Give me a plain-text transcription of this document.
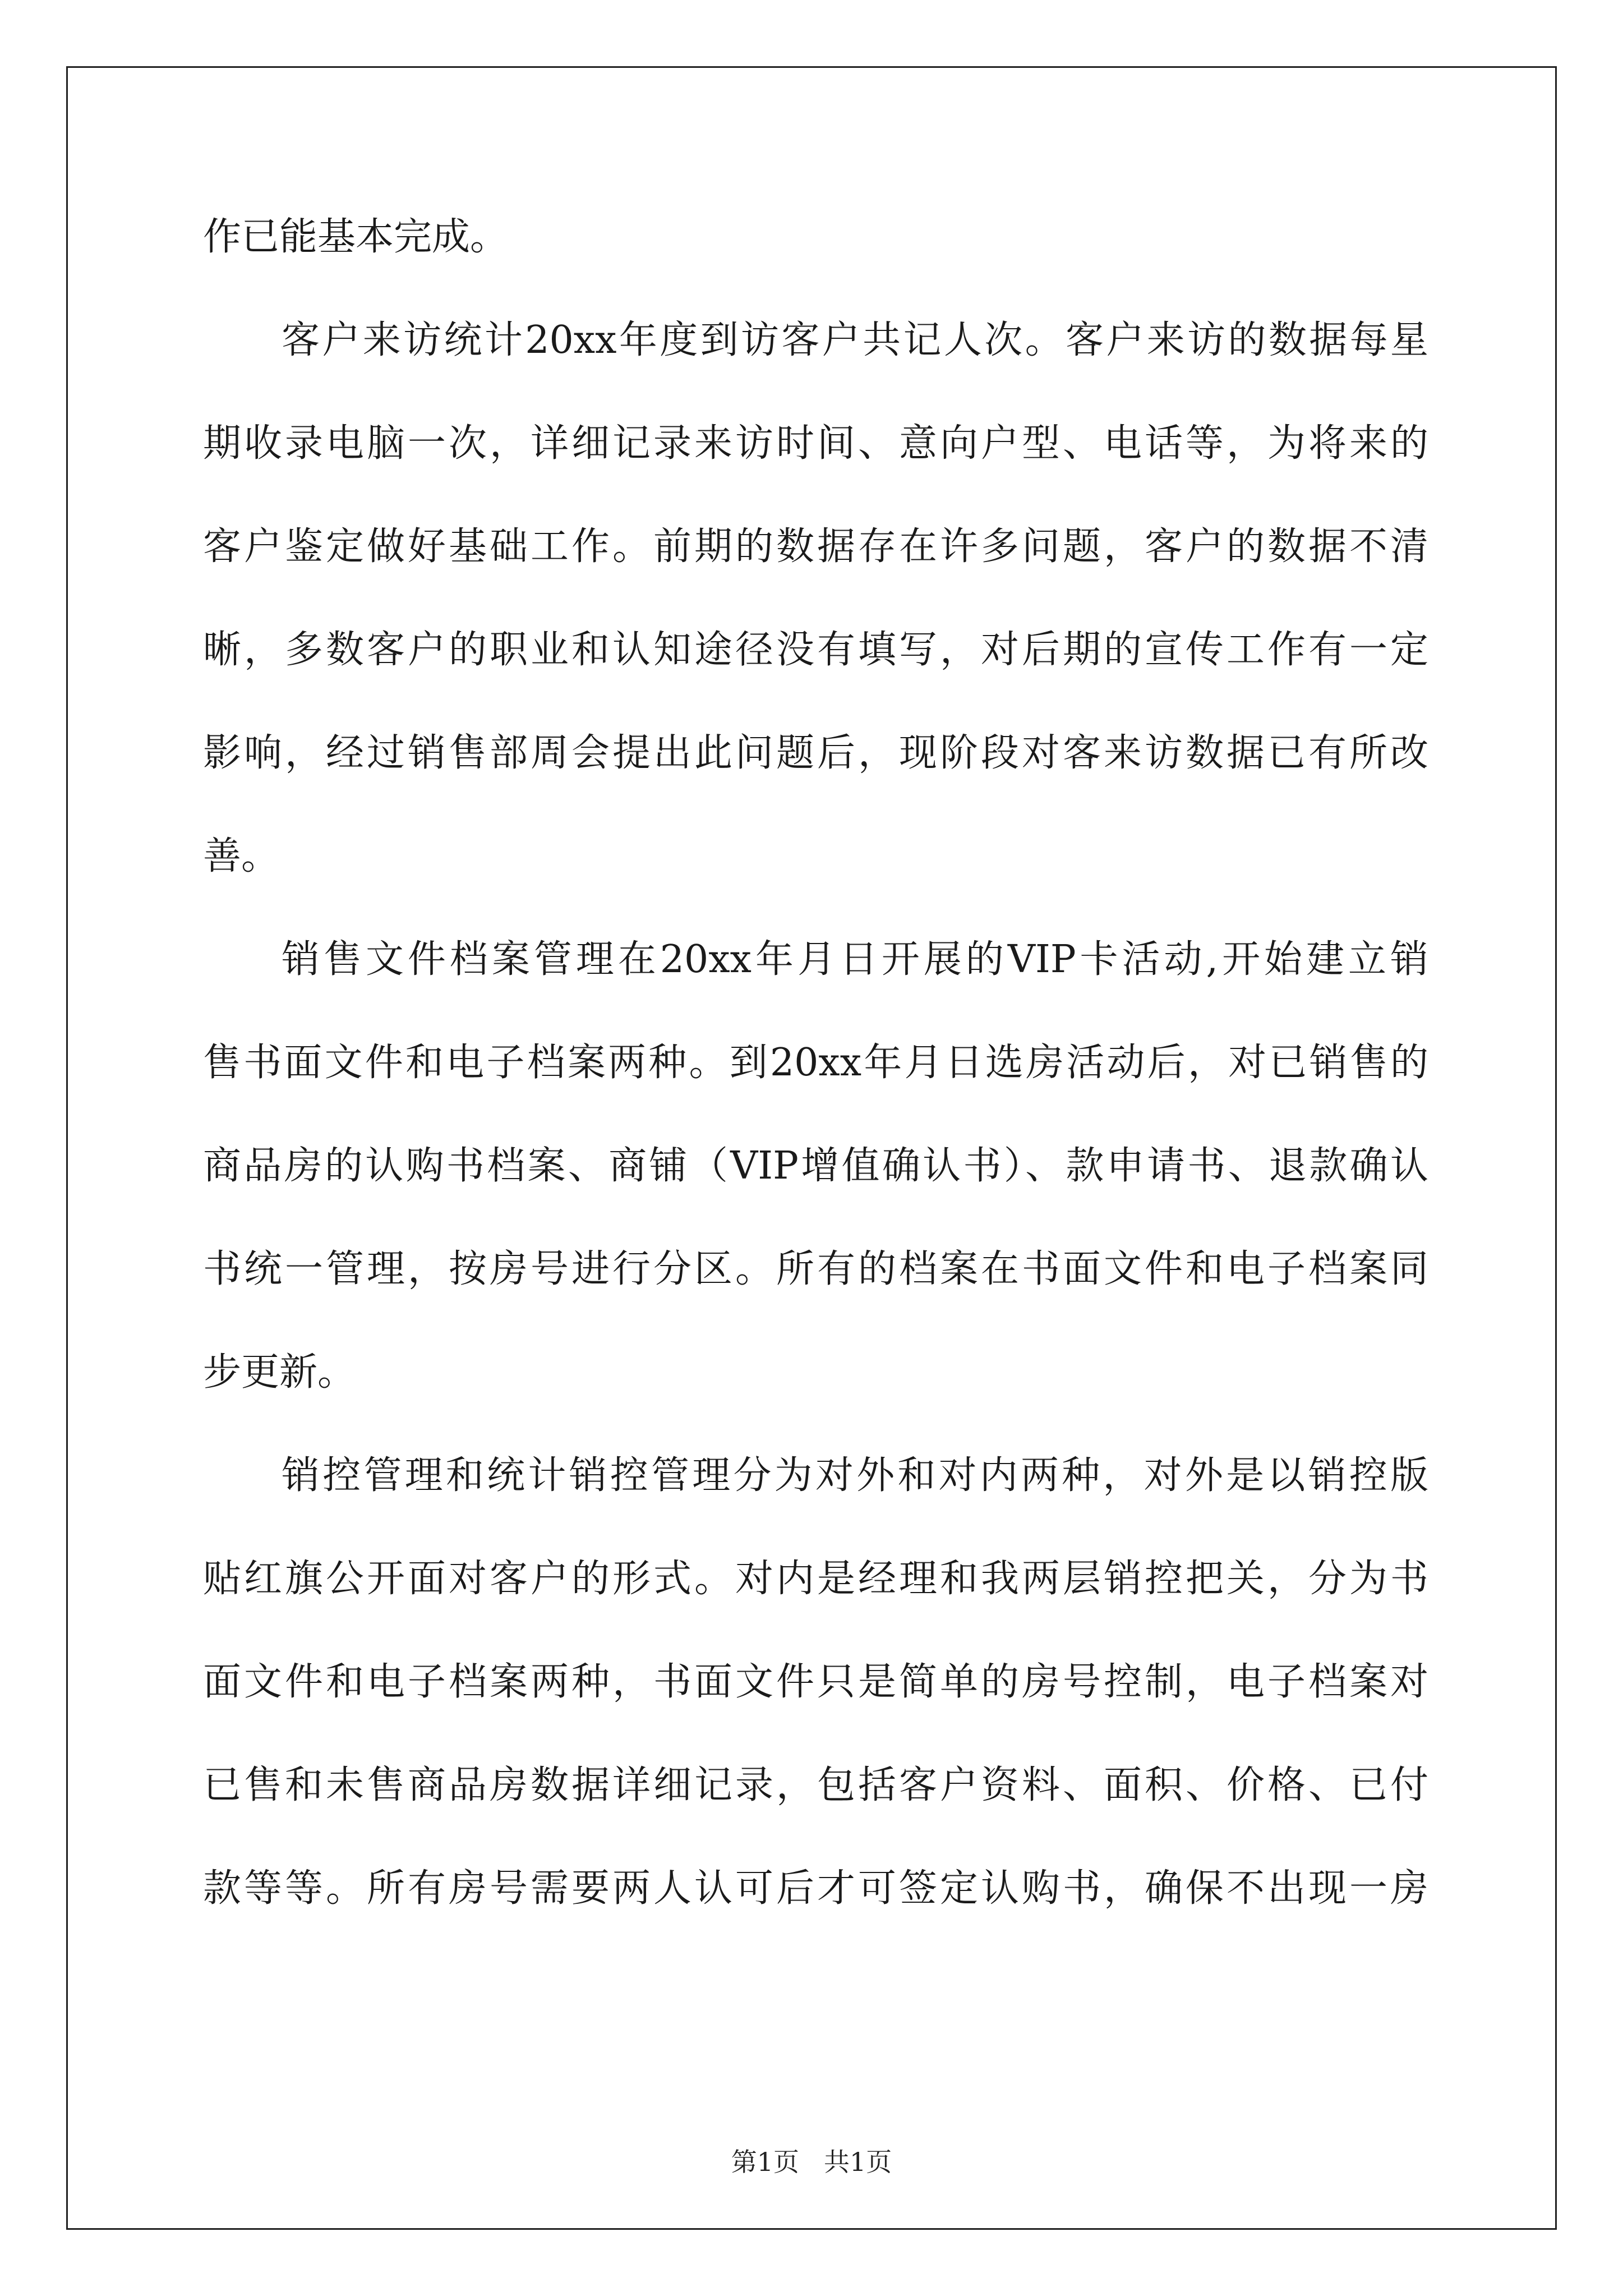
作已能基本完成。
客户来访统计20xx年度到访客户共记人次。客户来访的数据每星
期收录电脑一次，详细记录来访时间、意向户型、电话等，为将来的
客户鉴定做好基础工作。前期的数据存在许多问题，客户的数据不清
晰，多数客户的职业和认知途径没有填写，对后期的宣传工作有一定
影响，经过销售部周会提出此问题后，现阶段对客来访数据已有所改
善。
销售文件档案管理在20xx年月日开展的VIP卡活动,开始建立销
售书面文件和电子档案两种。到20xx年月日选房活动后，对已销售的
商品房的认购书档案、商铺（VIP增值确认书）、款申请书、退款确认
书统一管理，按房号进行分区。所有的档案在书面文件和电子档案同
步更新。
销控管理和统计销控管理分为对外和对内两种，对外是以销控版
贴红旗公开面对客户的形式。对内是经理和我两层销控把关，分为书
面文件和电子档案两种，书面文件只是简单的房号控制，电子档案对
已售和未售商品房数据详细记录，包括客户资料、面积、价格、已付
款等等。所有房号需要两人认可后才可签定认购书，确保不出现一房
第1页 共1页
